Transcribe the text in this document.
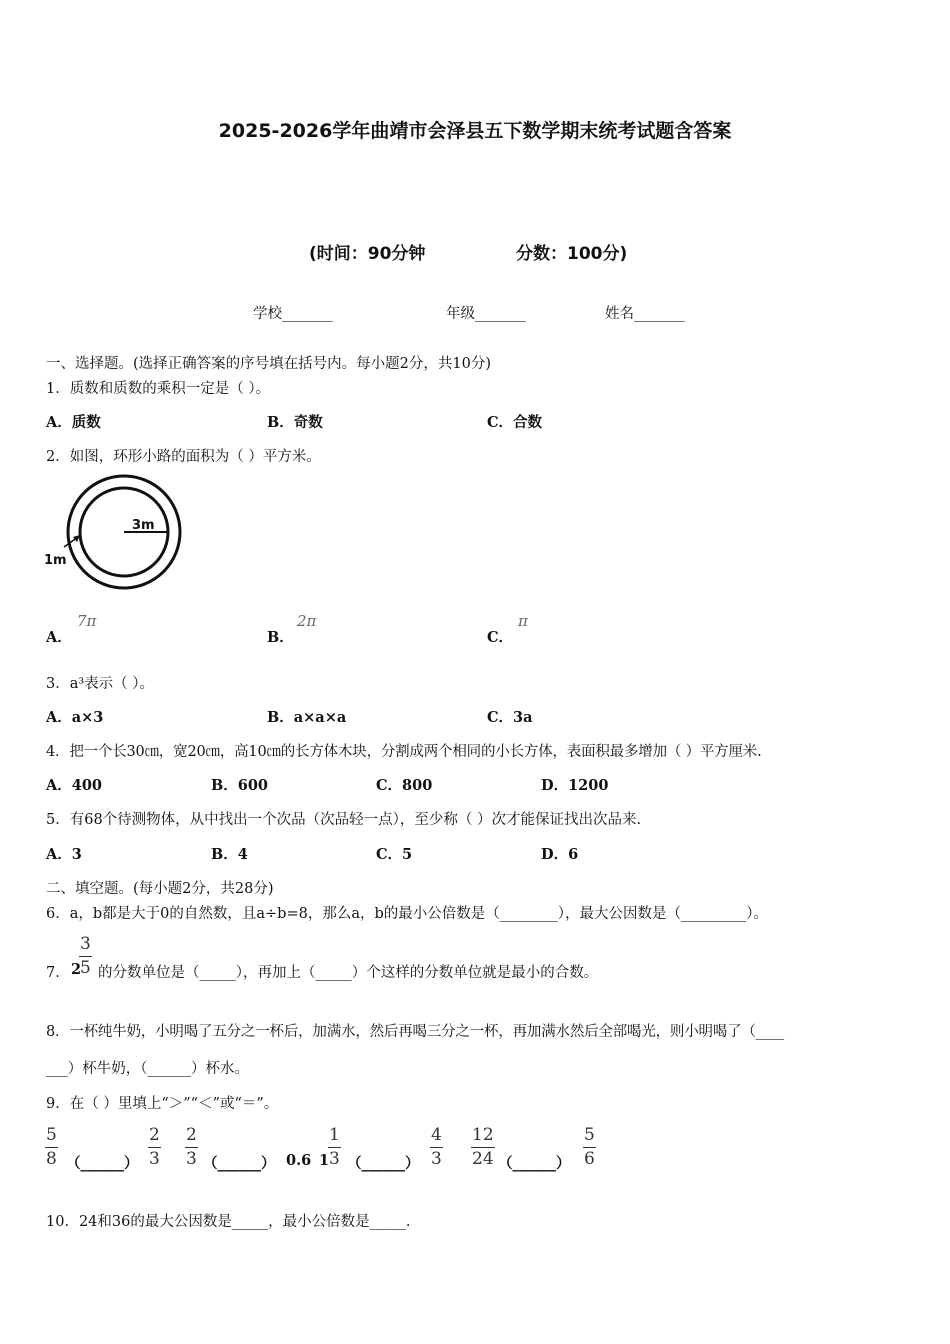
2025-2026学年曲靖市会泽县五下数学期末统考试题含答案
(时间：90分钟	分数：100分)
学校_______	年级_______	姓名_______
一、选择题。(选择正确答案的序号填在括号内。每小题2分，共10分)
1．质数和质数的乘积一定是（ ）。
A．质数	B．奇数	C．合数
2．如图，环形小路的面积为（ ）平方米。
3m
1m
A．
7π
B．
2π
C．
π
3．a³表示（ ）。
A．a×3	B．a×a×a	C．3a
4．把一个长30㎝，宽20㎝，高10㎝的长方体木块，分割成两个相同的小长方体，表面积最多增加（ ）平方厘米.
A．400	B．600	C．800	D．1200
5．有68个待测物体，从中找出一个次品（次品轻一点），至少称（ ）次才能保证找出次品来.
A．3	B．4	C．5	D．6
二、填空题。(每小题2分，共28分)
6．a，b都是大于0的自然数，且a÷b=8，那么a，b的最小公倍数是（________），最大公因数是（_________）。
7． 2
3
5 的分数单位是（_____），再加上（_____）个这样的分数单位就是最小的合数。
8．一杯纯牛奶，小明喝了五分之一杯后，加满水，然后再喝三分之一杯，再加满水然后全部喝光，则小明喝了（____
___）杯牛奶，（______）杯水。
9．在（ ）里填上“＞”“＜”或“＝”。
5
8 （______）
2
3
2
3 （______） 0.6 1
1
3 （______）
4
3
12
24 （______）
5
6
10．24和36的最大公因数是_____，最小公倍数是_____.
